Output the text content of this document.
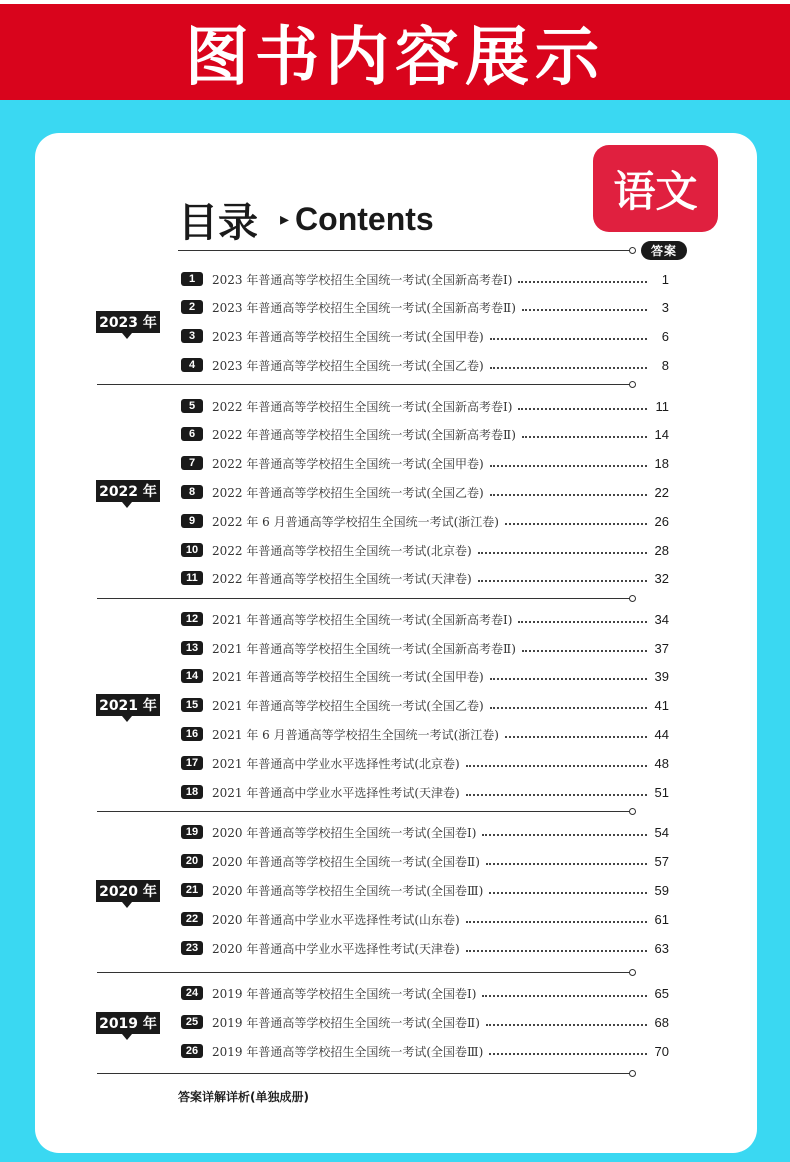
图书内容展示
语文
目录 ▸ Contents
答案
2023 年
2022 年
2021 年
2020 年
2019 年
1	2023 年普通高等学校招生全国统一考试(全国新高考卷Ⅰ)	1
2	2023 年普通高等学校招生全国统一考试(全国新高考卷Ⅱ)	3
3	2023 年普通高等学校招生全国统一考试(全国甲卷)	6
4	2023 年普通高等学校招生全国统一考试(全国乙卷)	8
5	2022 年普通高等学校招生全国统一考试(全国新高考卷Ⅰ)	11
6	2022 年普通高等学校招生全国统一考试(全国新高考卷Ⅱ)	14
7	2022 年普通高等学校招生全国统一考试(全国甲卷)	18
8	2022 年普通高等学校招生全国统一考试(全国乙卷)	22
9	2022 年 6 月普通高等学校招生全国统一考试(浙江卷)	26
10	2022 年普通高等学校招生全国统一考试(北京卷)	28
11	2022 年普通高等学校招生全国统一考试(天津卷)	32
12	2021 年普通高等学校招生全国统一考试(全国新高考卷Ⅰ)	34
13	2021 年普通高等学校招生全国统一考试(全国新高考卷Ⅱ)	37
14	2021 年普通高等学校招生全国统一考试(全国甲卷)	39
15	2021 年普通高等学校招生全国统一考试(全国乙卷)	41
16	2021 年 6 月普通高等学校招生全国统一考试(浙江卷)	44
17	2021 年普通高中学业水平选择性考试(北京卷)	48
18	2021 年普通高中学业水平选择性考试(天津卷)	51
19	2020 年普通高等学校招生全国统一考试(全国卷Ⅰ)	54
20	2020 年普通高等学校招生全国统一考试(全国卷Ⅱ)	57
21	2020 年普通高等学校招生全国统一考试(全国卷Ⅲ)	59
22	2020 年普通高中学业水平选择性考试(山东卷)	61
23	2020 年普通高中学业水平选择性考试(天津卷)	63
24	2019 年普通高等学校招生全国统一考试(全国卷Ⅰ)	65
25	2019 年普通高等学校招生全国统一考试(全国卷Ⅱ)	68
26	2019 年普通高等学校招生全国统一考试(全国卷Ⅲ)	70
答案详解详析(单独成册)
